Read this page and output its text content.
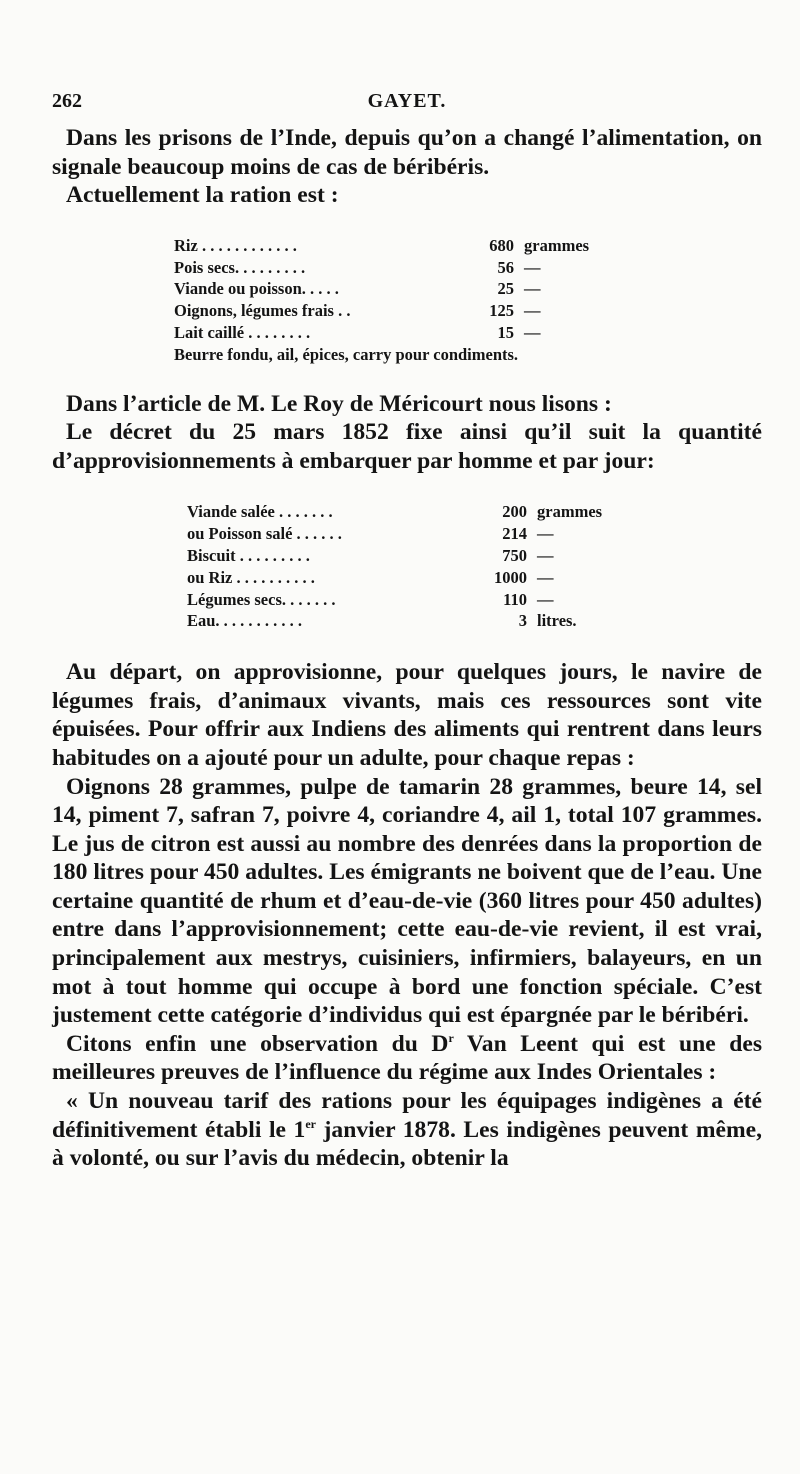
262	GAYET.

Dans les prisons de l’Inde, depuis qu’on a changé l’alimentation, on signale beaucoup moins de cas de béribéris.

Actuellement la ration est :

Riz . . . . . . . . . . . .	680 grammes
Pois secs. . . . . . . . .	56 —
Viande ou poisson. . . . .	25 —
Oignons, légumes frais . .	125 —
Lait caillé . . . . . . . .	15 —
Beurre fondu, ail, épices, carry pour condiments.

Dans l’article de M. Le Roy de Méricourt nous lisons :

Le décret du 25 mars 1852 fixe ainsi qu’il suit la quantité d’approvisionnements à embarquer par homme et par jour:

Viande salée . . . . . . .	200 grammes
ou Poisson salé . . . . . .	214 —
Biscuit . . . . . . . . .	750 —
ou Riz . . . . . . . . . .	1000 —
Légumes secs. . . . . . .	110 —
Eau. . . . . . . . . . .	3 litres.

Au départ, on approvisionne, pour quelques jours, le navire de légumes frais, d’animaux vivants, mais ces ressources sont vite épuisées. Pour offrir aux Indiens des aliments qui rentrent dans leurs habitudes on a ajouté pour un adulte, pour chaque repas :

Oignons 28 grammes, pulpe de tamarin 28 grammes, beure 14, sel 14, piment 7, safran 7, poivre 4, coriandre 4, ail 1, total 107 grammes. Le jus de citron est aussi au nombre des denrées dans la proportion de 180 litres pour 450 adultes. Les émigrants ne boivent que de l’eau. Une certaine quantité de rhum et d’eau-de-vie (360 litres pour 450 adultes) entre dans l’approvisionnement; cette eau-de-vie revient, il est vrai, principalement aux mestrys, cuisiniers, infirmiers, balayeurs, en un mot à tout homme qui occupe à bord une fonction spéciale. C’est justement cette catégorie d’individus qui est épargnée par le béribéri.

Citons enfin une observation du $D^r$ Van Leent qui est une des meilleures preuves de l’influence du régime aux Indes Orientales :

« Un nouveau tarif des rations pour les équipages indigènes a été définitivement établi le 1er janvier 1878. Les indigènes peuvent même, à volonté, ou sur l’avis du médecin, obtenir la
